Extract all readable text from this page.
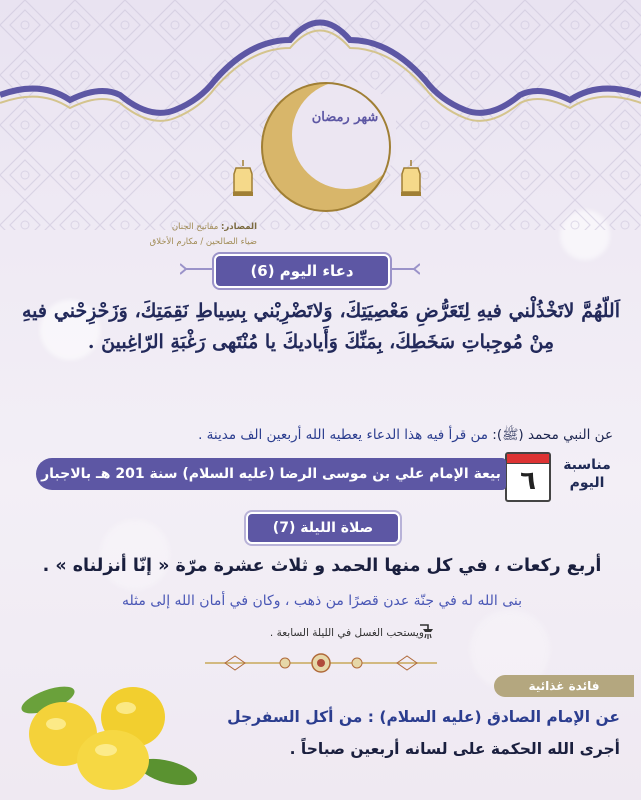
شهر رمضان
المصادر: مفاتيح الجنان
ضياء الصالحين / مكارم الأخلاق
دعاء اليوم (6)
اَللّهُمَّ لاتَخْذُلْني فيهِ لِتَعَرُّضِ مَعْصِيَتِكَ، وَلاتَضْرِبْني بِسِياطِ نَقِمَتِكَ، وَزَحْزِحْني فيهِ مِنْ مُوجِباتِ سَخَطِكَ، بِمَنِّكَ وَأَياديكَ يا مُنْتَهى رَغْبَةِ الرّاغِبينَ .
عن النبي محمد (ﷺ): من قرأ فيه هذا الدعاء يعطيه الله أربعين الف مدينة .
مناسبة
اليوم
٦
بيعة الإمام علي بن موسى الرضا (عليه السلام) سنة 201 هـ بالاجبار
صلاة الليلة (7)
أربع ركعات ، في كل منها الحمد و ثلاث عشرة مرّة « إنّا أنزلناه » .
بنى الله له في جنّة عدن قصرًا من ذهب ، وكان في أمان الله إلى مثله
ويستحب الغسل في الليلة السابعة .
فائدة غذائية
عن الإمام الصادق (عليه السلام) : من أكل السفرجل
أجرى الله الحكمة على لسانه أربعين صباحاً .
